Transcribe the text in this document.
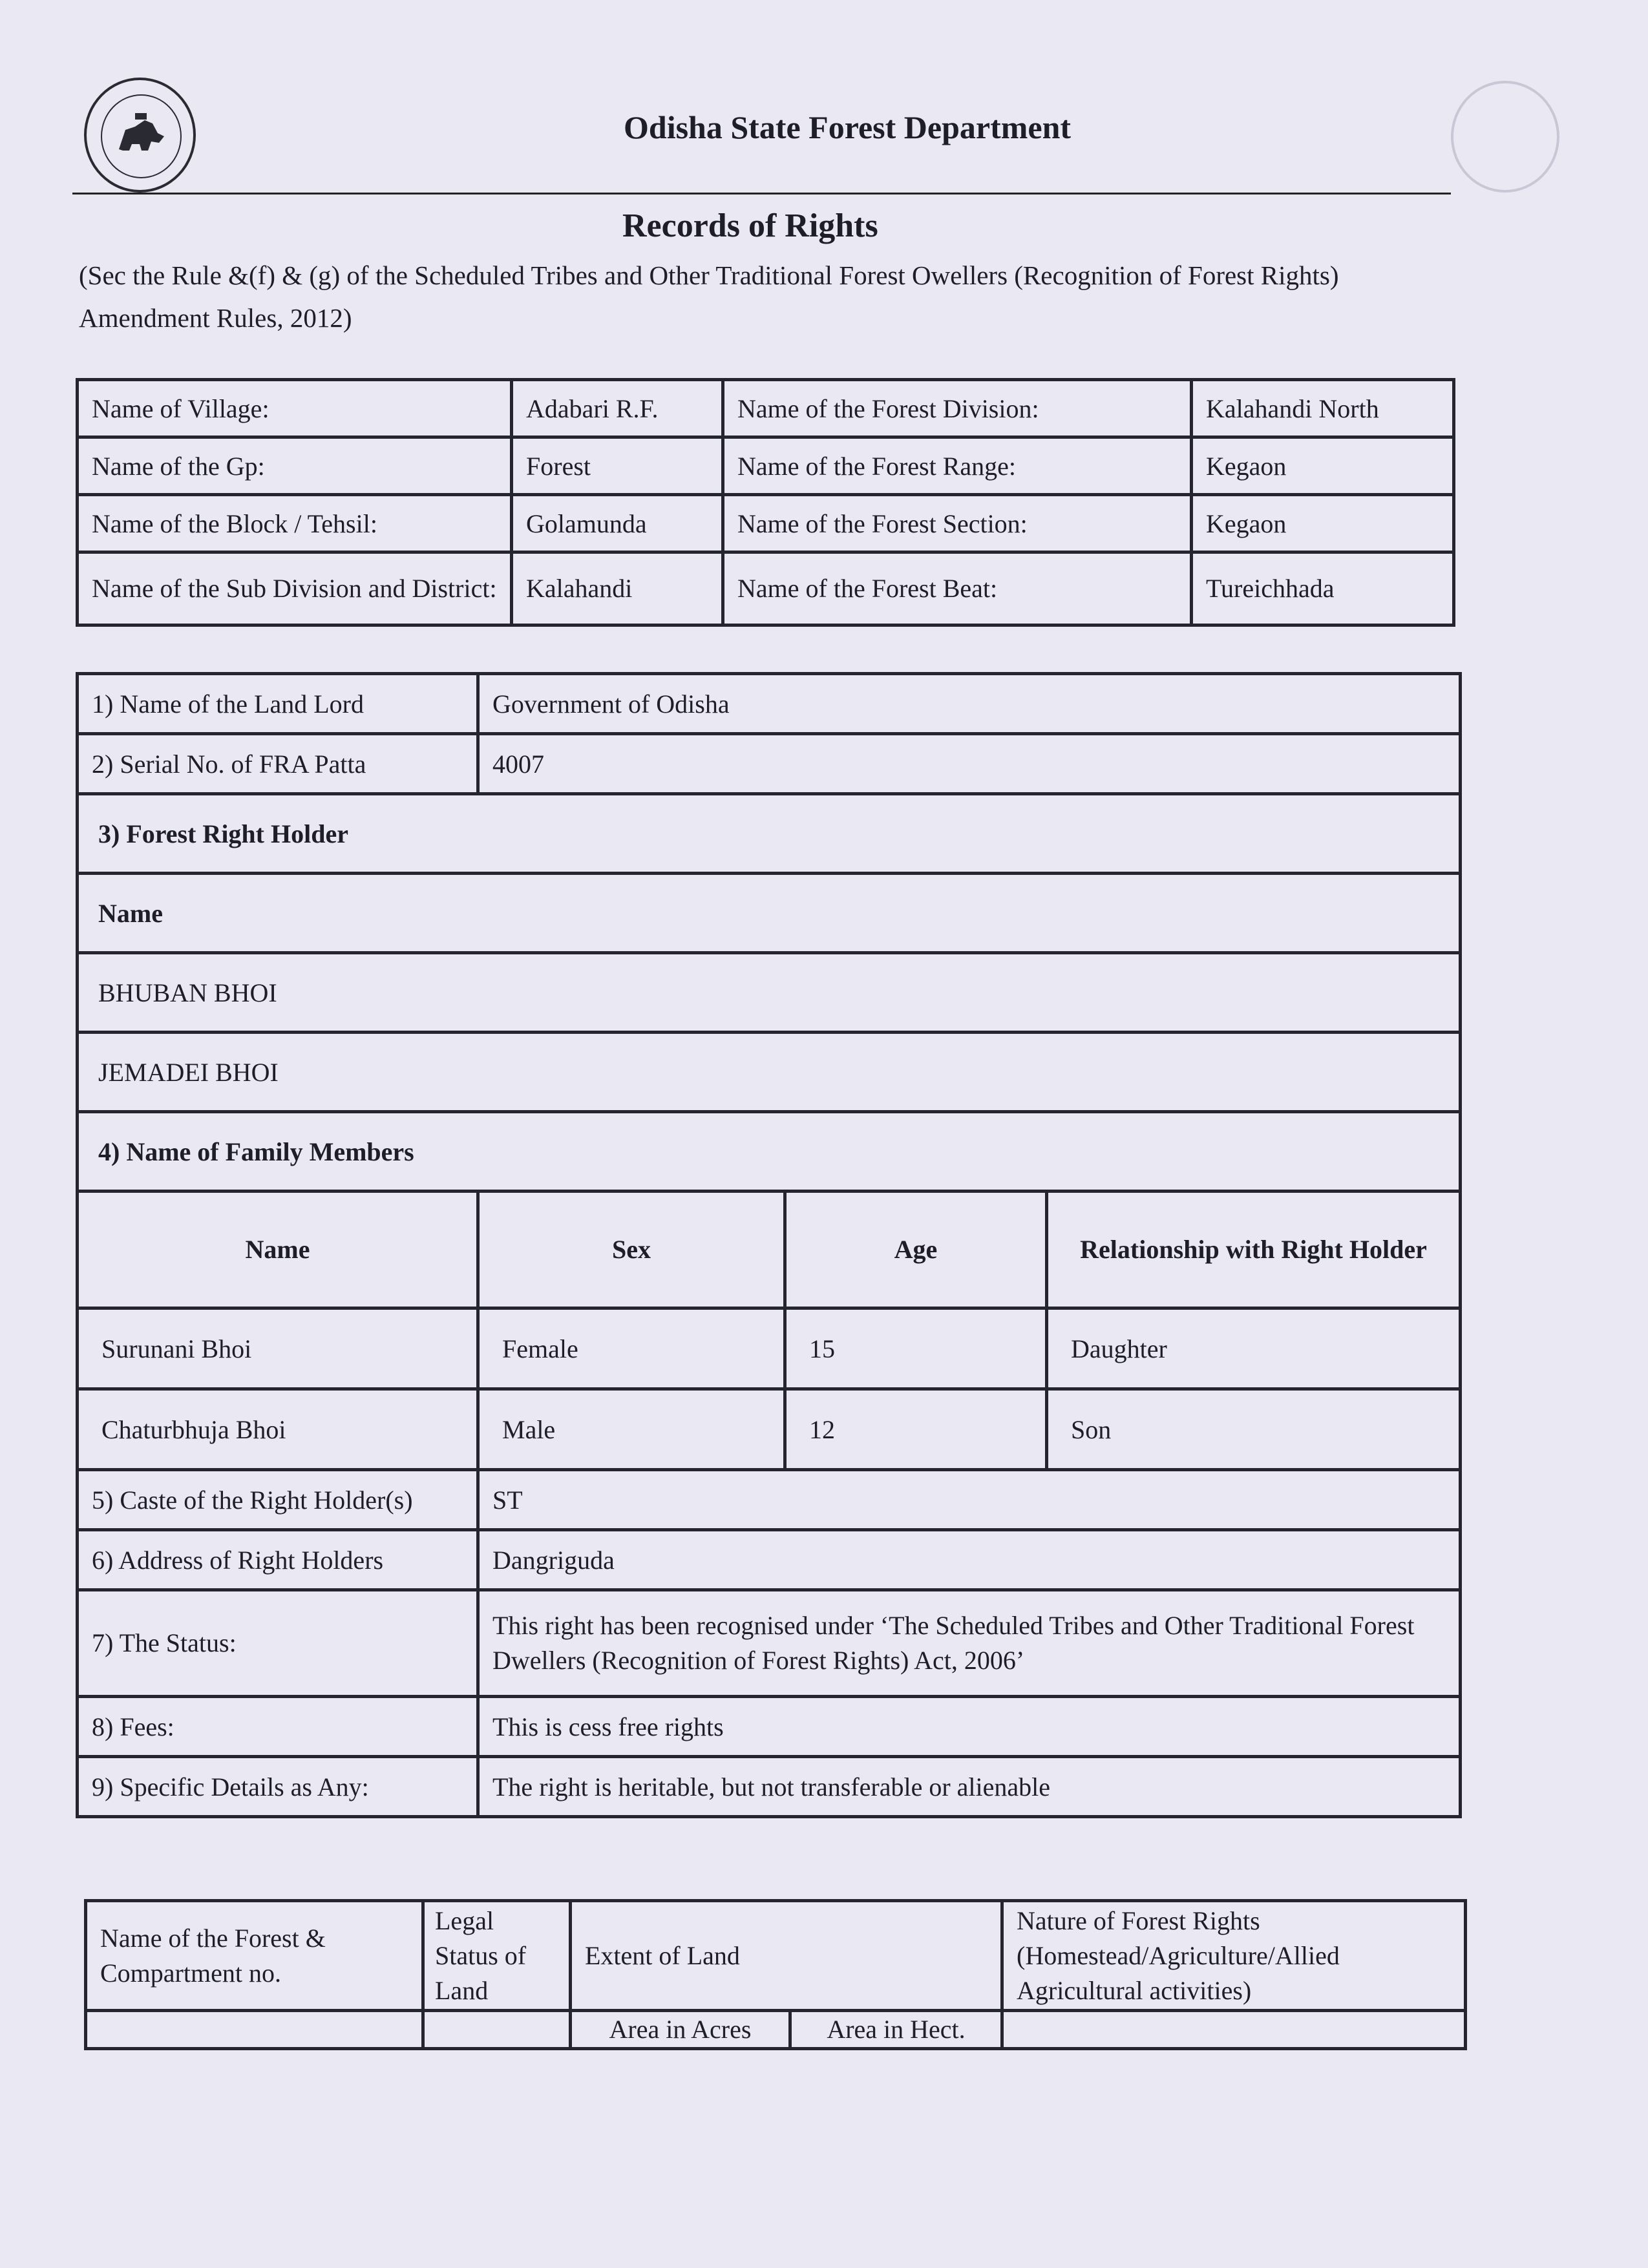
Odisha State Forest Department
Records of Rights
(Sec the Rule &(f) & (g) of the Scheduled Tribes and Other Traditional Forest Owellers (Recognition of Forest Rights) Amendment Rules, 2012)
Name of Village:	Adabari R.F.	Name of the Forest Division:	Kalahandi North
Name of the Gp:	Forest	Name of the Forest Range:	Kegaon
Name of the Block / Tehsil:	Golamunda	Name of the Forest Section:	Kegaon
Name of the Sub Division and District:	Kalahandi	Name of the Forest Beat:	Tureichhada
1) Name of the Land Lord	Government of Odisha		
2) Serial No. of FRA Patta	4007		
3) Forest Right Holder			
Name			
BHUBAN BHOI			
JEMADEI BHOI			
4) Name of Family Members			
Name	Sex	Age	Relationship with Right Holder
Surunani Bhoi	Female	15	Daughter
Chaturbhuja Bhoi	Male	12	Son
5) Caste of the Right Holder(s)	ST		
6) Address of Right Holders	Dangriguda		
7) The Status:	This right has been recognised under ‘The Scheduled Tribes and Other Traditional Forest Dwellers (Recognition of Forest Rights) Act, 2006’		
8) Fees:	This is cess free rights		
9) Specific Details as Any:	The right is heritable, but not transferable or alienable		
Name of the Forest & Compartment no.	Legal Status of Land	Extent of Land		Nature of Forest Rights (Homestead/Agriculture/Allied Agricultural activities)
		Area in Acres	Area in Hect.	
